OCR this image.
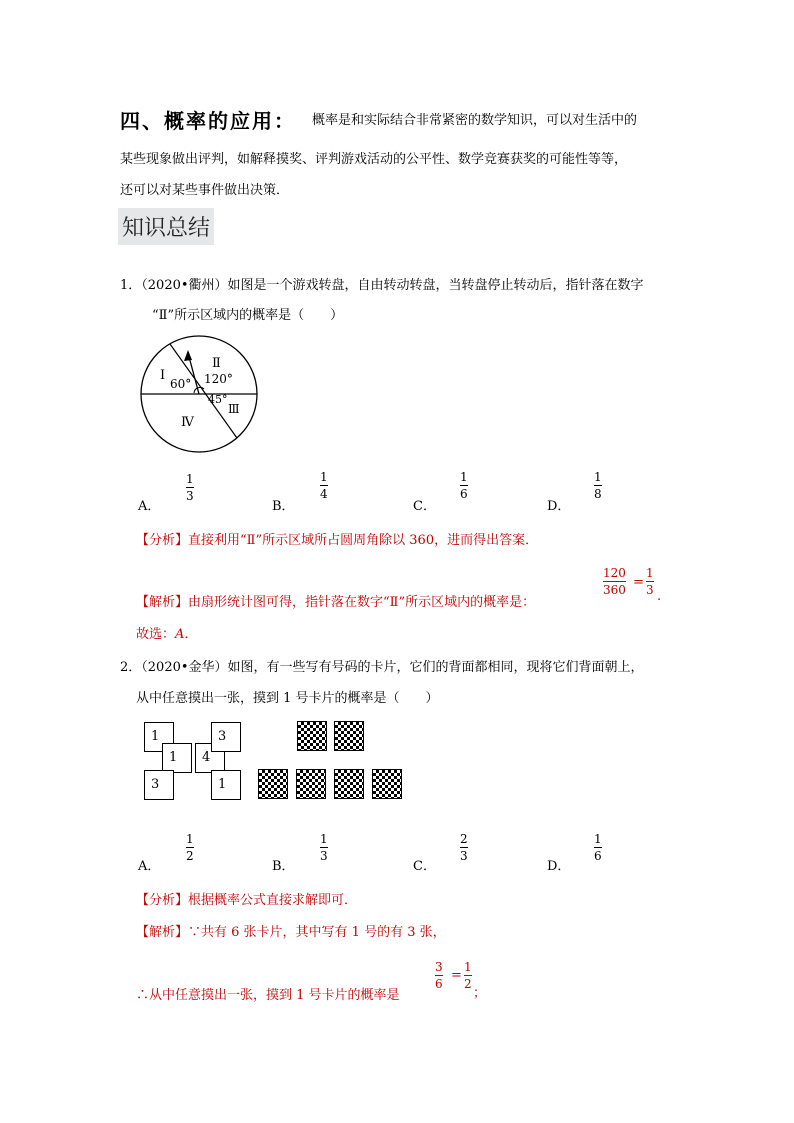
四、概率的应用： 概率是和实际结合非常紧密的数学知识，可以对生活中的
某些现象做出评判，如解释摸奖、评判游戏活动的公平性、数学竞赛获奖的可能性等等，
还可以对某些事件做出决策．
知识总结
1．（2020•衢州）如图是一个游戏转盘，自由转动转盘，当转盘停止转动后，指针落在数字
“Ⅱ”所示区域内的概率是（　　）
Ⅰ
Ⅱ
Ⅲ
Ⅳ
60° 120°
45°
A．
1
3
B．
1
4
C．
1
6
D．
1
8
【分析】直接利用“Ⅱ”所示区域所占圆周角除以 360，进而得出答案．
【解析】由扇形统计图可得，指针落在数字“Ⅱ”所示区域内的概率是：
120
360 =
1
3 .
故选：A．
2．（2020•金华）如图，有一些写有号码的卡片，它们的背面都相同，现将它们背面朝上，
从中任意摸出一张，摸到 1 号卡片的概率是（　　）
1
1	4
3
3	1
A．
1
2
B．
1
3
C．
2
3
D．
1
6
【分析】根据概率公式直接求解即可．
【解析】∵共有 6 张卡片，其中写有 1 号的有 3 张，
∴从中任意摸出一张，摸到 1 号卡片的概率是
3
6
=
1
2
；
